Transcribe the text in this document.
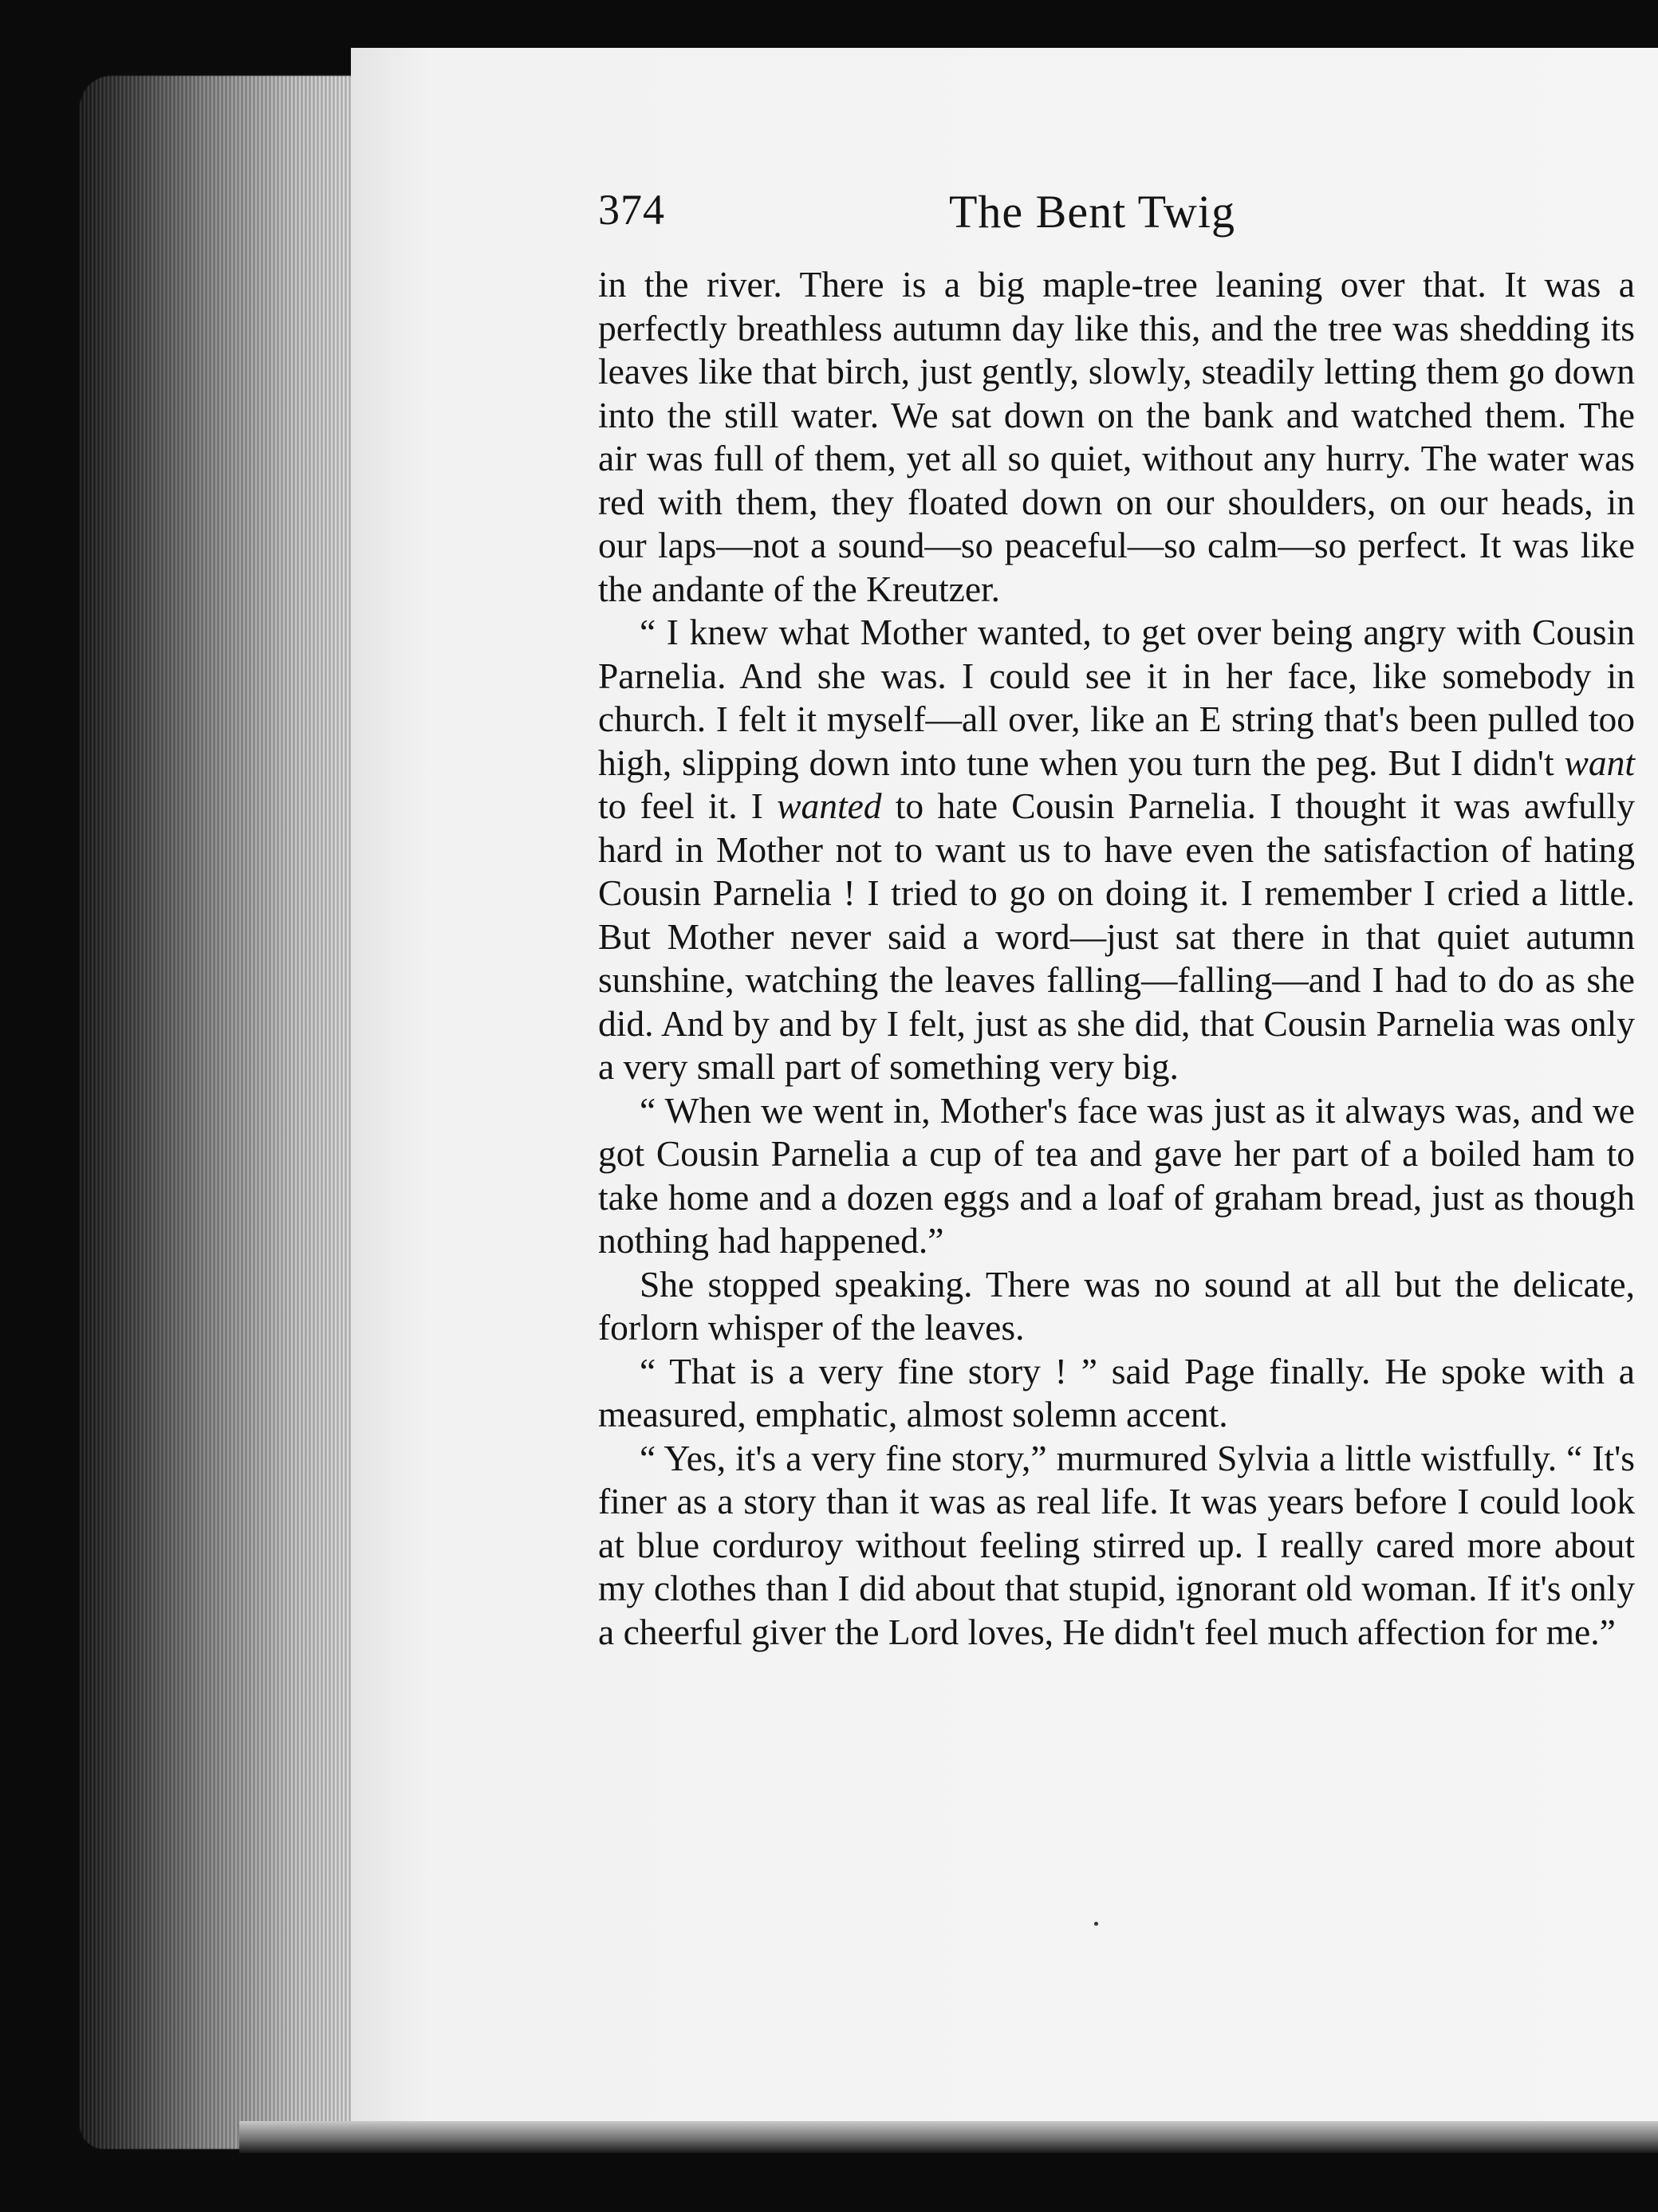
374	The Bent Twig

in the river. There is a big maple-tree leaning over that. It was a perfectly breathless autumn day like this, and the tree was shedding its leaves like that birch, just gently, slowly, steadily letting them go down into the still water. We sat down on the bank and watched them. The air was full of them, yet all so quiet, without any hurry. The water was red with them, they floated down on our shoulders, on our heads, in our laps—not a sound—so peaceful—so calm—so perfect. It was like the andante of the Kreutzer.

“ I knew what Mother wanted, to get over being angry with Cousin Parnelia. And she was. I could see it in her face, like somebody in church. I felt it myself—all over, like an E string that's been pulled too high, slipping down into tune when you turn the peg. But I didn't want to feel it. I wanted to hate Cousin Parnelia. I thought it was awfully hard in Mother not to want us to have even the satisfaction of hating Cousin Parnelia ! I tried to go on doing it. I remember I cried a little. But Mother never said a word—just sat there in that quiet autumn sunshine, watching the leaves falling—falling—and I had to do as she did. And by and by I felt, just as she did, that Cousin Parnelia was only a very small part of something very big.

“ When we went in, Mother's face was just as it always was, and we got Cousin Parnelia a cup of tea and gave her part of a boiled ham to take home and a dozen eggs and a loaf of graham bread, just as though nothing had happened.”

She stopped speaking. There was no sound at all but the delicate, forlorn whisper of the leaves.

“ That is a very fine story ! ” said Page finally. He spoke with a measured, emphatic, almost solemn accent.

“ Yes, it's a very fine story,” murmured Sylvia a little wistfully. “ It's finer as a story than it was as real life. It was years before I could look at blue corduroy without feeling stirred up. I really cared more about my clothes than I did about that stupid, ignorant old woman. If it's only a cheerful giver the Lord loves, He didn't feel much affection for me.”
